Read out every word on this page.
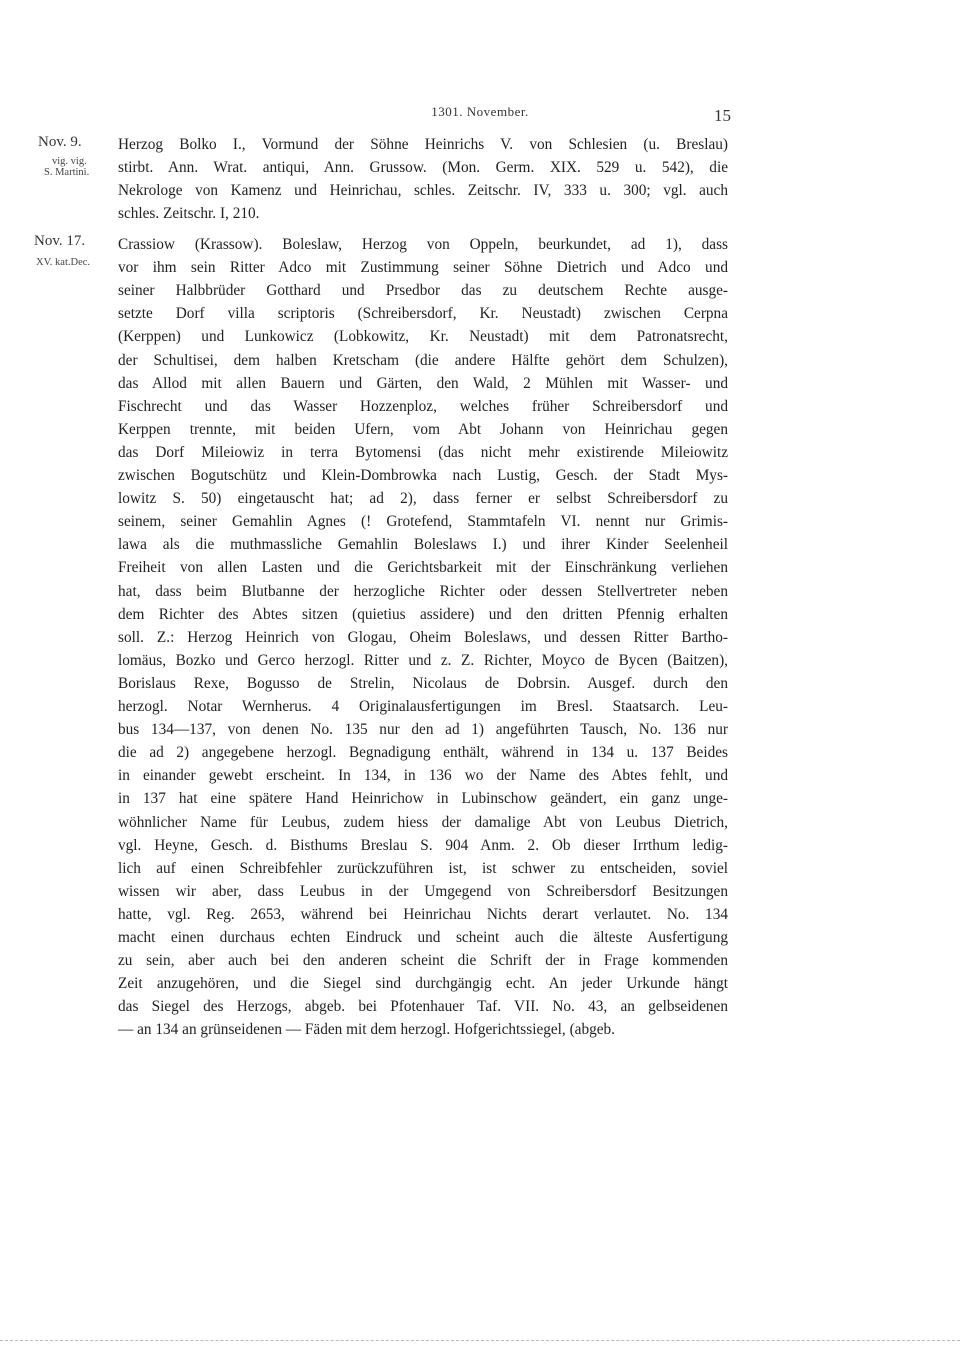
1301. November.	15
Nov. 9.
vig. vig.
S. Martini.
Nov. 17.
XV. kat.Dec.
Herzog Bolko I., Vormund der Söhne Heinrichs V. von Schlesien (u. Breslau)
stirbt. Ann. Wrat. antiqui, Ann. Grussow. (Mon. Germ. XIX. 529 u. 542), die
Nekrologe von Kamenz und Heinrichau, schles. Zeitschr. IV, 333 u. 300; vgl. auch
schles. Zeitschr. I, 210.
Crassiow (Krassow). Boleslaw, Herzog von Oppeln, beurkundet, ad 1), dass
vor ihm sein Ritter Adco mit Zustimmung seiner Söhne Dietrich und Adco und
seiner Halbbrüder Gotthard und Prsedbor das zu deutschem Rechte ausge-
setzte Dorf villa scriptoris (Schreibersdorf, Kr. Neustadt) zwischen Cerpna
(Kerppen) und Lunkowicz (Lobkowitz, Kr. Neustadt) mit dem Patronatsrecht,
der Schultisei, dem halben Kretscham (die andere Hälfte gehört dem Schulzen),
das Allod mit allen Bauern und Gärten, den Wald, 2 Mühlen mit Wasser- und
Fischrecht und das Wasser Hozzenploz, welches früher Schreibersdorf und
Kerppen trennte, mit beiden Ufern, vom Abt Johann von Heinrichau gegen
das Dorf Mileiowiz in terra Bytomensi (das nicht mehr existirende Mileiowitz
zwischen Bogutschütz und Klein-Dombrowka nach Lustig, Gesch. der Stadt Mys-
lowitz S. 50) eingetauscht hat; ad 2), dass ferner er selbst Schreibersdorf zu
seinem, seiner Gemahlin Agnes (! Grotefend, Stammtafeln VI. nennt nur Grimis-
lawa als die muthmassliche Gemahlin Boleslaws I.) und ihrer Kinder Seelenheil
Freiheit von allen Lasten und die Gerichtsbarkeit mit der Einschränkung verliehen
hat, dass beim Blutbanne der herzogliche Richter oder dessen Stellvertreter neben
dem Richter des Abtes sitzen (quietius assidere) und den dritten Pfennig erhalten
soll. Z.: Herzog Heinrich von Glogau, Oheim Boleslaws, und dessen Ritter Bartho-
lomäus, Bozko und Gerco herzogl. Ritter und z. Z. Richter, Moyco de Bycen (Baitzen),
Borislaus Rexe, Bogusso de Strelin, Nicolaus de Dobrsin. Ausgef. durch den
herzogl. Notar Wernherus. 4 Originalausfertigungen im Bresl. Staatsarch. Leu-
bus 134—137, von denen No. 135 nur den ad 1) angeführten Tausch, No. 136 nur
die ad 2) angegebene herzogl. Begnadigung enthält, während in 134 u. 137 Beides
in einander gewebt erscheint. In 134, in 136 wo der Name des Abtes fehlt, und
in 137 hat eine spätere Hand Heinrichow in Lubinschow geändert, ein ganz unge-
wöhnlicher Name für Leubus, zudem hiess der damalige Abt von Leubus Dietrich,
vgl. Heyne, Gesch. d. Bisthums Breslau S. 904 Anm. 2. Ob dieser Irrthum ledig-
lich auf einen Schreibfehler zurückzuführen ist, ist schwer zu entscheiden, soviel
wissen wir aber, dass Leubus in der Umgegend von Schreibersdorf Besitzungen
hatte, vgl. Reg. 2653, während bei Heinrichau Nichts derart verlautet. No. 134
macht einen durchaus echten Eindruck und scheint auch die älteste Ausfertigung
zu sein, aber auch bei den anderen scheint die Schrift der in Frage kommenden
Zeit anzugehören, und die Siegel sind durchgängig echt. An jeder Urkunde hängt
das Siegel des Herzogs, abgeb. bei Pfotenhauer Taf. VII. No. 43, an gelbseidenen
— an 134 an grünseidenen — Fäden mit dem herzogl. Hofgerichtssiegel, (abgeb.
